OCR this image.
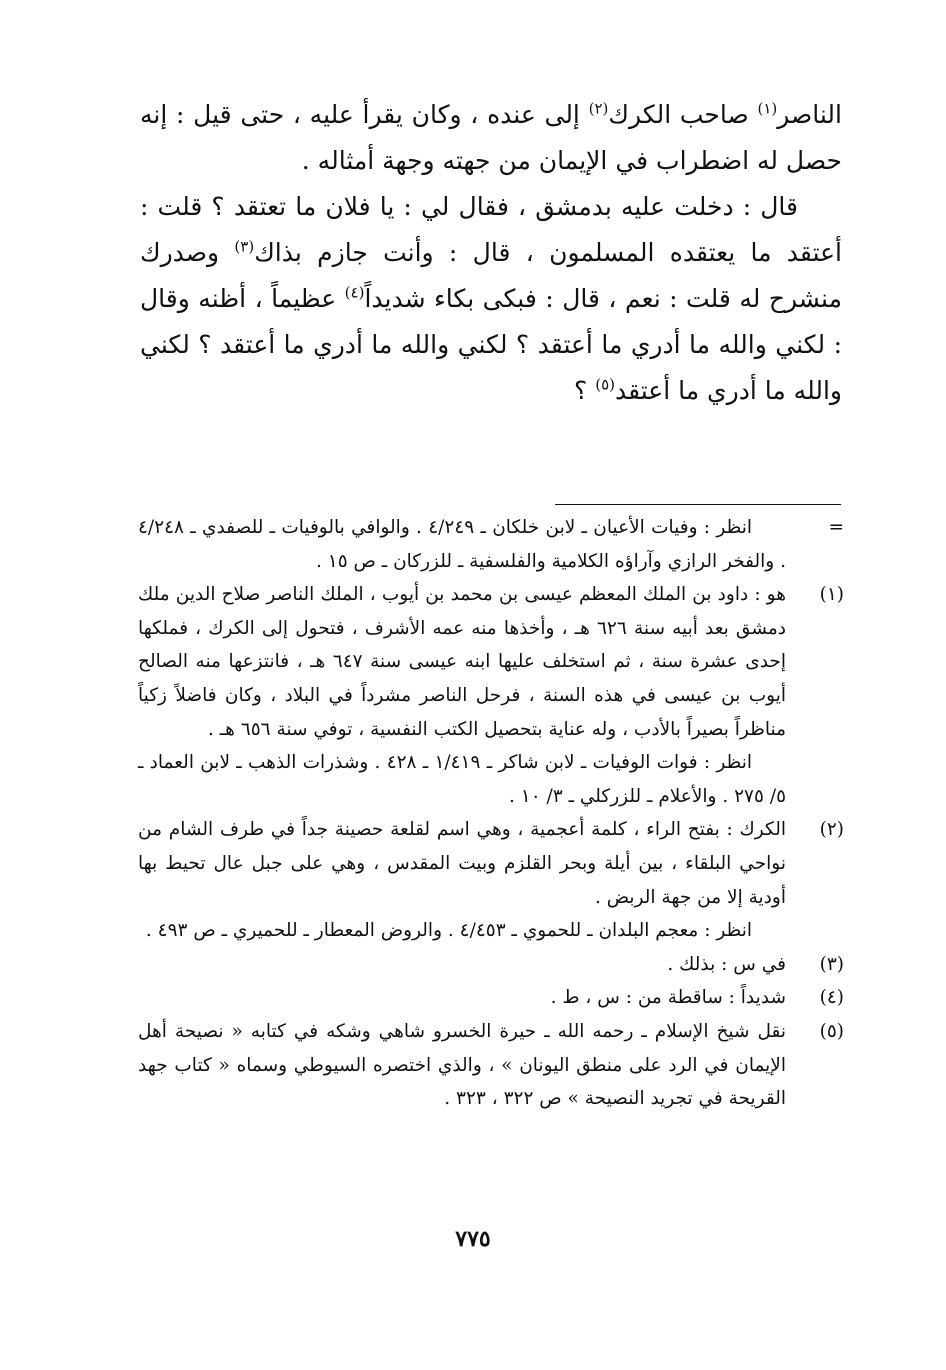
الناصر$^{(١)}$ صاحب الكرك$^{(٢)}$ إلى عنده ، وكان يقرأ عليه ، حتى قيل : إنه حصل له اضطراب في الإيمان من جهته وجهة أمثاله .

قال : دخلت عليه بدمشق ، فقال لي : يا فلان ما تعتقد ؟ قلت : أعتقد ما يعتقده المسلمون ، قال : وأنت جازم بذاك$^{(٣)}$ وصدرك منشرح له قلت : نعم ، قال : فبكى بكاء شديداً$^{(٤)}$ عظيماً ، أظنه وقال : لكني والله ما أدري ما أعتقد ؟ لكني والله ما أدري ما أعتقد ؟ لكني والله ما أدري ما أعتقد$^{(٥)}$ ؟

=

انظر : وفيات الأعيان ـ لابن خلكان ـ ٤/٢٤٩ . والوافي بالوفيات ـ للصفدي ـ ٤/٢٤٨ . والفخر الرازي وآراؤه الكلامية والفلسفية ـ للزركان ـ ص ١٥ .

(١)

هو : داود بن الملك المعظم عيسى بن محمد بن أيوب ، الملك الناصر صلاح الدين ملك دمشق بعد أبيه سنة ٦٢٦ هـ ، وأخذها منه عمه الأشرف ، فتحول إلى الكرك ، فملكها إحدى عشرة سنة ، ثم استخلف عليها ابنه عيسى سنة ٦٤٧ هـ ، فانتزعها منه الصالح أيوب بن عيسى في هذه السنة ، فرحل الناصر مشرداً في البلاد ، وكان فاضلاً زكياً مناظراً بصيراً بالأدب ، وله عناية بتحصيل الكتب النفسية ، توفي سنة ٦٥٦ هـ .

انظر : فوات الوفيات ـ لابن شاكر ـ ١/٤١٩ ـ ٤٢٨ . وشذرات الذهب ـ لابن العماد ـ ٥/ ٢٧٥ . والأعلام ـ للزركلي ـ ٣/ ١٠ .

(٢)

الكرك : بفتح الراء ، كلمة أعجمية ، وهي اسم لقلعة حصينة جداً في طرف الشام من نواحي البلقاء ، بين أيلة وبحر القلزم وبيت المقدس ، وهي على جبل عال تحيط بها أودية إلا من جهة الربض .

انظر : معجم البلدان ـ للحموي ـ ٤/٤٥٣ . والروض المعطار ـ للحميري ـ ص ٤٩٣ .

(٣)

في س : بذلك .

(٤)

شديداً : ساقطة من : س ، ط .

(٥)

نقل شيخ الإسلام ـ رحمه الله ـ حيرة الخسرو شاهي وشكه في كتابه « نصيحة أهل الإيمان في الرد على منطق اليونان » ، والذي اختصره السيوطي وسماه « كتاب جهد القريحة في تجريد النصيحة » ص ٣٢٢ ، ٣٢٣ .

٧٧٥
